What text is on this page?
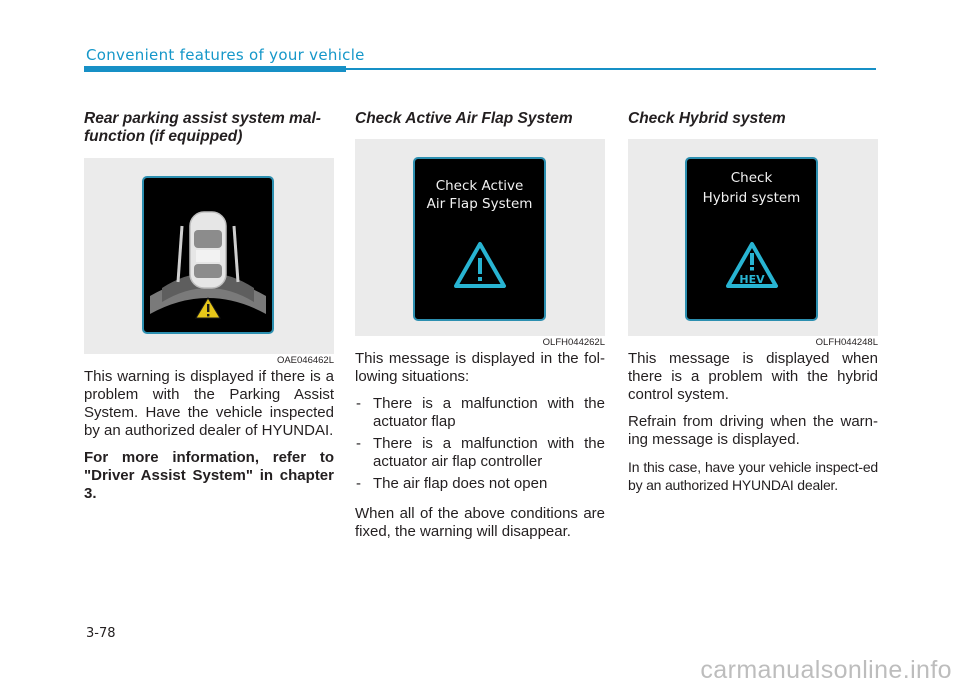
Convenient features of your vehicle
Rear parking assist system mal-function (if equipped)
OAE046462L

This warning is displayed if there is a problem with the Parking Assist System. Have the vehicle inspected by an authorized dealer of HYUNDAI.

For more information, refer to "Driver Assist System" in chapter 3.

Check Active Air Flap System
Check Active
Air Flap System
OLFH044262L

This message is displayed in the fol-lowing situations:

- There is a malfunction with the actuator flap
- There is a malfunction with the actuator air flap controller
- The air flap does not open

When all of the above conditions are fixed, the warning will disappear.

Check Hybrid system
Check
Hybrid system
HEV
OLFH044248L

This message is displayed when there is a problem with the hybrid control system.

Refrain from driving when the warn-ing message is displayed.

In this case, have your vehicle inspect-ed by an authorized HYUNDAI dealer.

3-78
carmanualsonline.info
